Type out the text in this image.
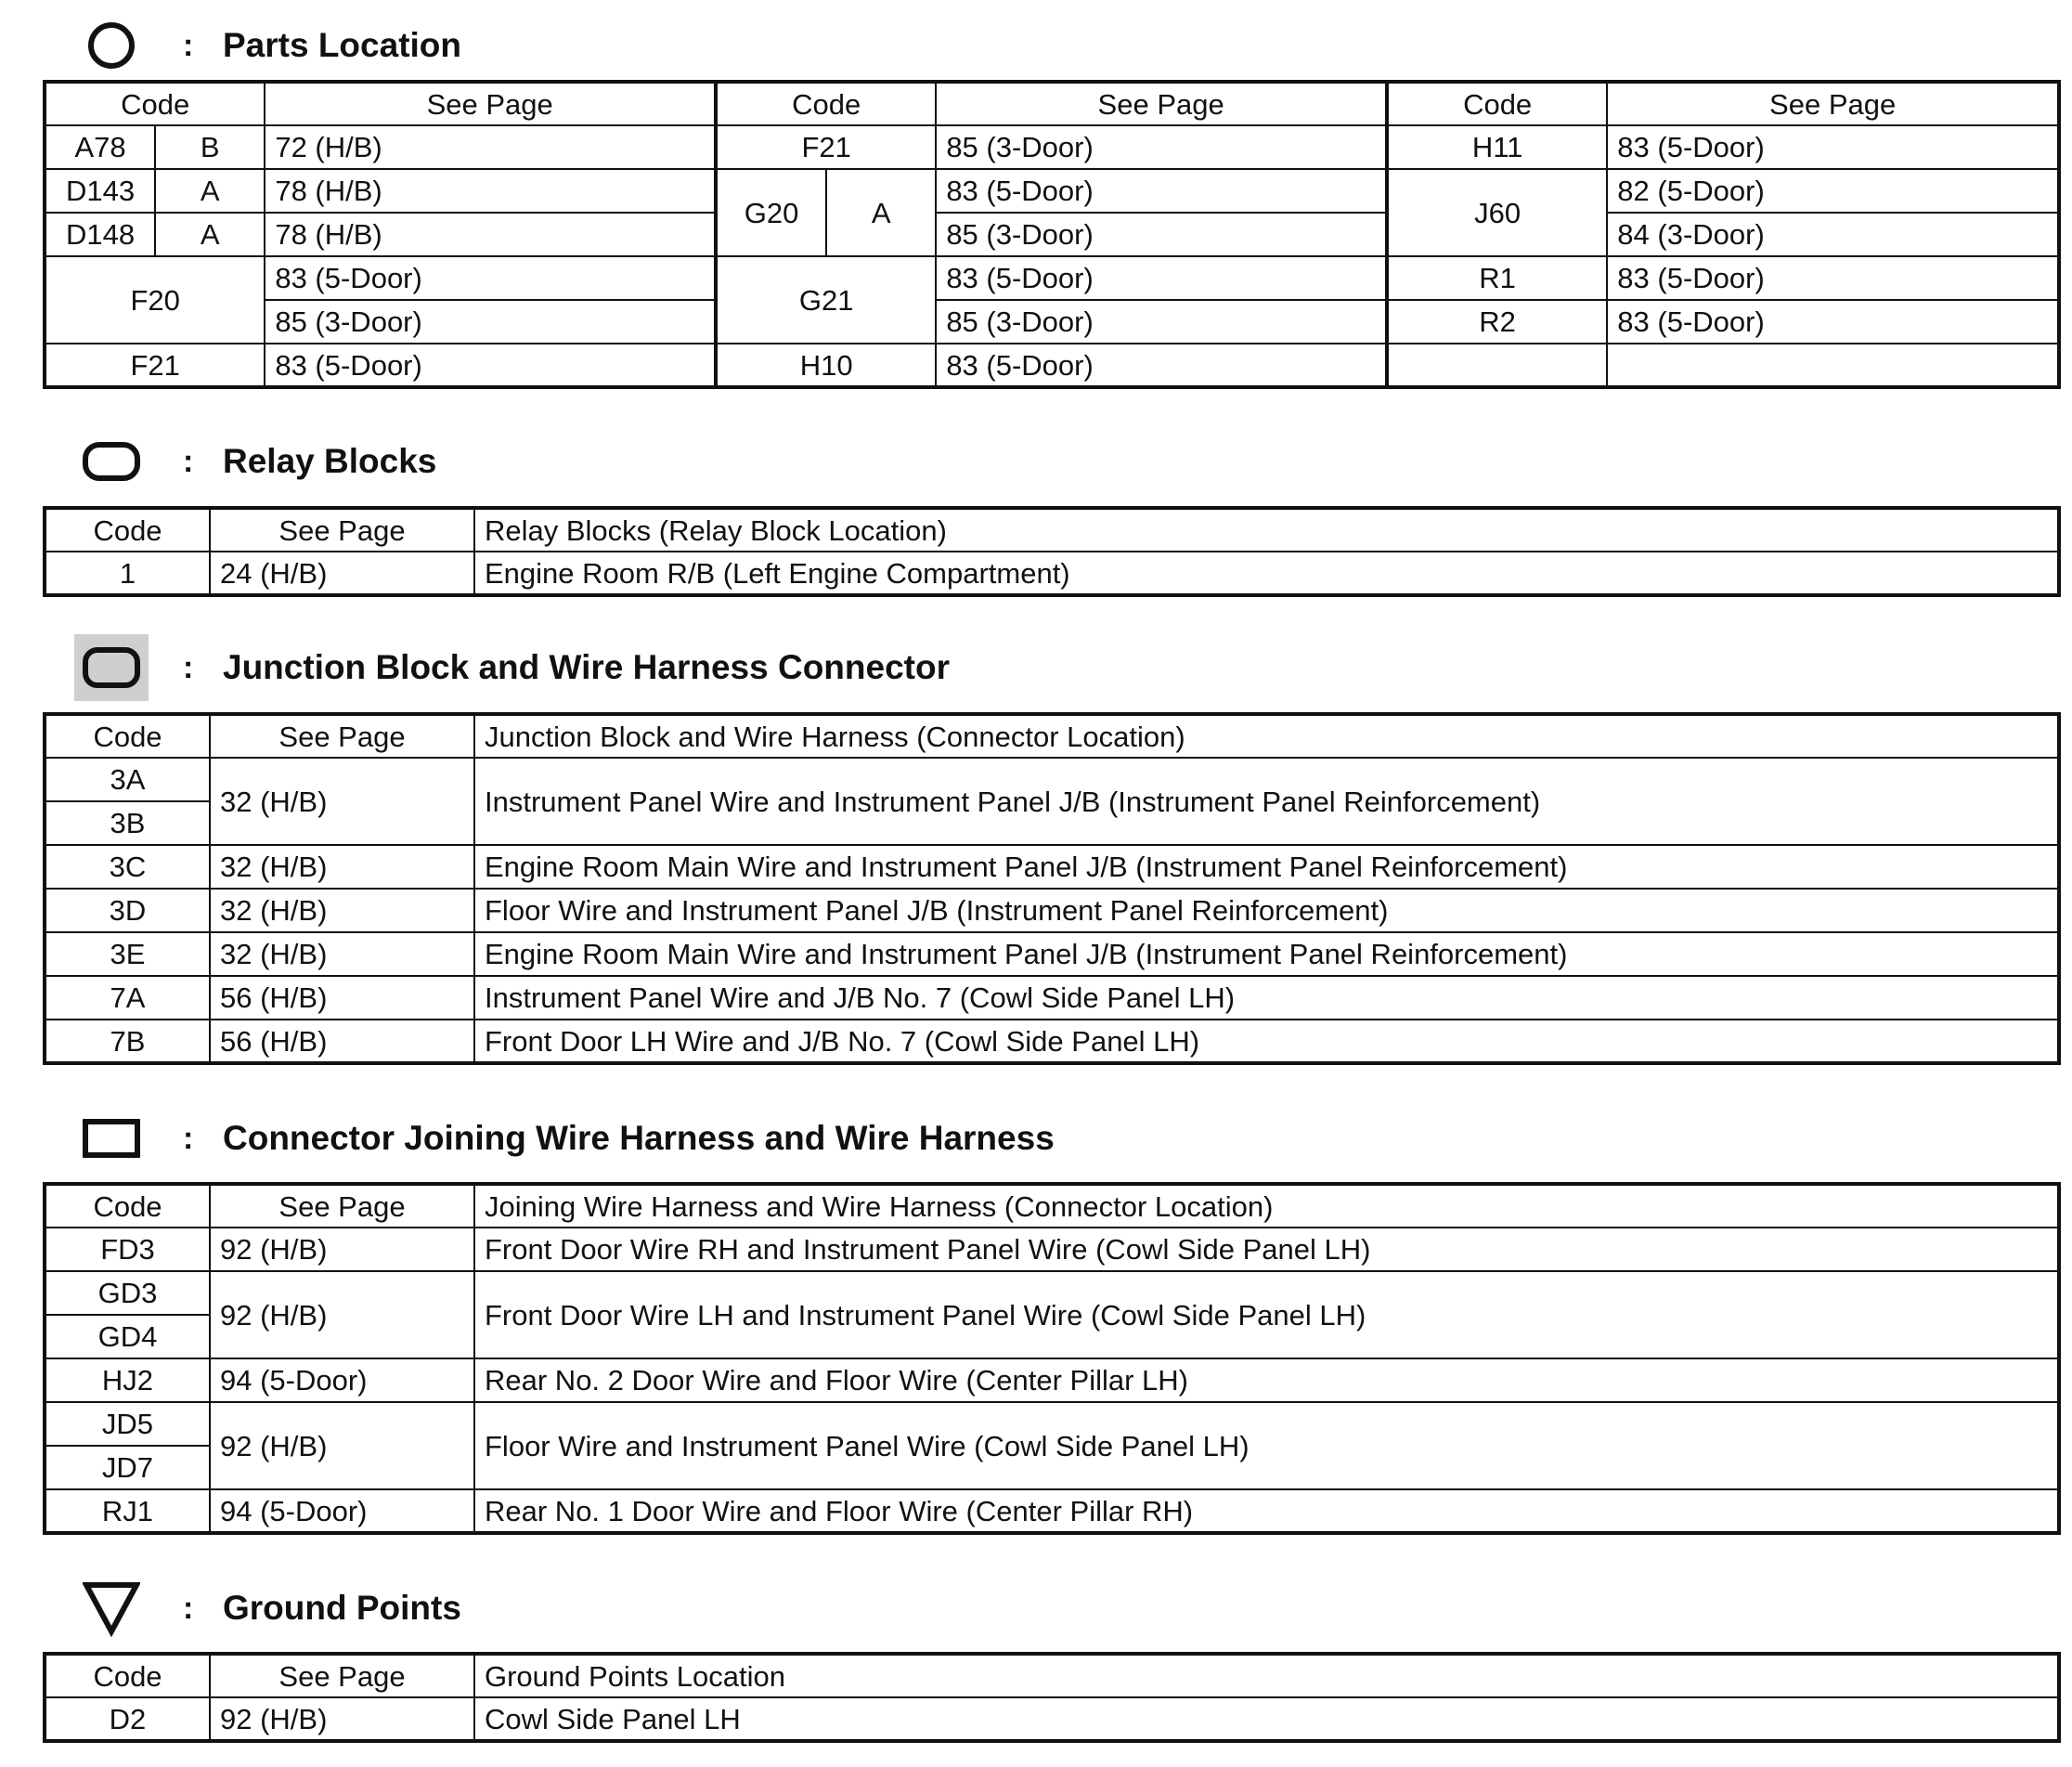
: Parts Location
Code		See Page	Code		See Page	Code	See Page
A78	B	72 (H/B)	F21		85 (3-Door)	H11	83 (5-Door)
D143	A	78 (H/B)	G20	A	83 (5-Door)	J60	82 (5-Door)
D148	A	78 (H/B)			85 (3-Door)		84 (3-Door)
F20		83 (5-Door)	G21		83 (5-Door)	R1	83 (5-Door)
		85 (3-Door)			85 (3-Door)	R2	83 (5-Door)
F21		83 (5-Door)	H10		83 (5-Door)		
: Relay Blocks
Code	See Page	Relay Blocks (Relay Block Location)
1	24 (H/B)	Engine Room R/B (Left Engine Compartment)
: Junction Block and Wire Harness Connector
Code	See Page	Junction Block and Wire Harness (Connector Location)
3A	32 (H/B)	Instrument Panel Wire and Instrument Panel J/B (Instrument Panel Reinforcement)
3B		
3C	32 (H/B)	Engine Room Main Wire and Instrument Panel J/B (Instrument Panel Reinforcement)
3D	32 (H/B)	Floor Wire and Instrument Panel J/B (Instrument Panel Reinforcement)
3E	32 (H/B)	Engine Room Main Wire and Instrument Panel J/B (Instrument Panel Reinforcement)
7A	56 (H/B)	Instrument Panel Wire and J/B No. 7 (Cowl Side Panel LH)
7B	56 (H/B)	Front Door LH Wire and J/B No. 7 (Cowl Side Panel LH)
: Connector Joining Wire Harness and Wire Harness
Code	See Page	Joining Wire Harness and Wire Harness (Connector Location)
FD3	92 (H/B)	Front Door Wire RH and Instrument Panel Wire (Cowl Side Panel LH)
GD3	92 (H/B)	Front Door Wire LH and Instrument Panel Wire (Cowl Side Panel LH)
GD4		
HJ2	94 (5-Door)	Rear No. 2 Door Wire and Floor Wire (Center Pillar LH)
JD5	92 (H/B)	Floor Wire and Instrument Panel Wire (Cowl Side Panel LH)
JD7		
RJ1	94 (5-Door)	Rear No. 1 Door Wire and Floor Wire (Center Pillar RH)
: Ground Points
Code	See Page	Ground Points Location
D2	92 (H/B)	Cowl Side Panel LH
